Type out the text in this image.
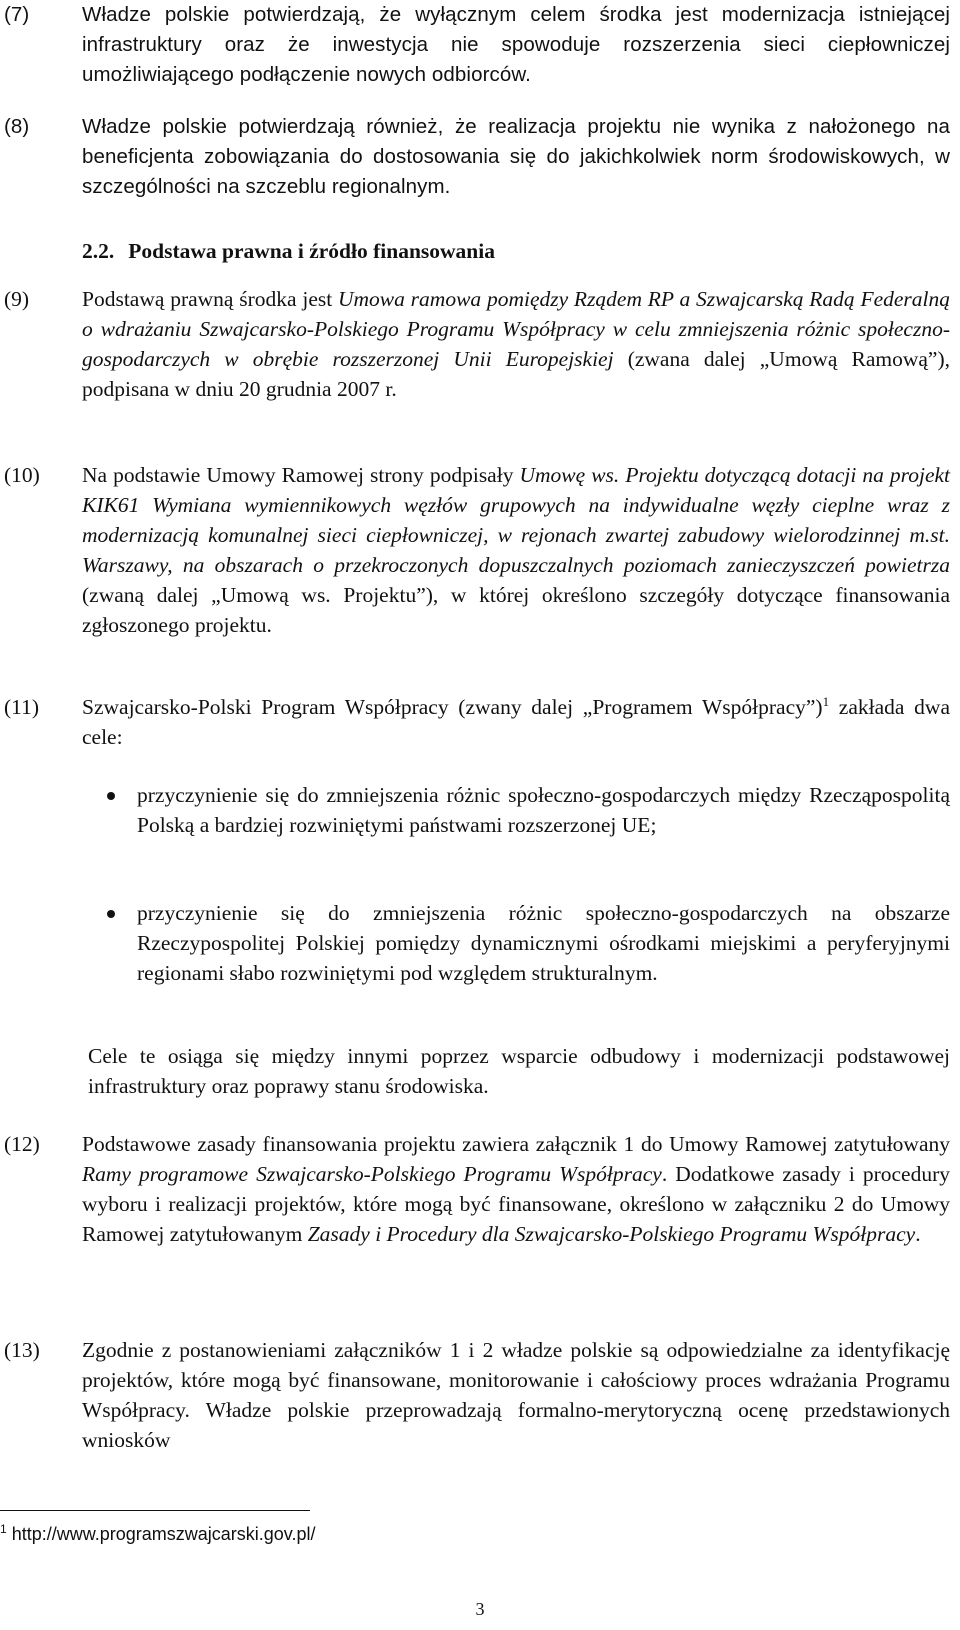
(7)	Władze polskie potwierdzają, że wyłącznym celem środka jest modernizacja istniejącej infrastruktury oraz że inwestycja nie spowoduje rozszerzenia sieci ciepłowniczej umożliwiającego podłączenie nowych odbiorców.
(8)	Władze polskie potwierdzają również, że realizacja projektu nie wynika z nałożonego na beneficjenta zobowiązania do dostosowania się do jakichkolwiek norm środowiskowych, w szczególności na szczeblu regionalnym.
2.2. Podstawa prawna i źródło finansowania
(9) Podstawą prawną środka jest Umowa ramowa pomiędzy Rządem RP a Szwajcarską Radą Federalną o wdrażaniu Szwajcarsko-Polskiego Programu Współpracy w celu zmniejszenia różnic społeczno-gospodarczych w obrębie rozszerzonej Unii Europejskiej (zwana dalej „Umową Ramową”), podpisana w dniu 20 grudnia 2007 r.
(10) Na podstawie Umowy Ramowej strony podpisały Umowę ws. Projektu dotyczącą dotacji na projekt KIK61 Wymiana wymiennikowych węzłów grupowych na indywidualne węzły cieplne wraz z modernizacją komunalnej sieci ciepłowniczej, w rejonach zwartej zabudowy wielorodzinnej m.st. Warszawy, na obszarach o przekroczonych dopuszczalnych poziomach zanieczyszczeń powietrza (zwaną dalej „Umową ws. Projektu”), w której określono szczegóły dotyczące finansowania zgłoszonego projektu.
(11) Szwajcarsko-Polski Program Współpracy (zwany dalej „Programem Współpracy”)$^1$ zakłada dwa cele:
przyczynienie się do zmniejszenia różnic społeczno-gospodarczych między Rzecząpospolitą Polską a bardziej rozwiniętymi państwami rozszerzonej UE;
przyczynienie się do zmniejszenia różnic społeczno-gospodarczych na obszarze Rzeczypospolitej Polskiej pomiędzy dynamicznymi ośrodkami miejskimi a peryferyjnymi regionami słabo rozwiniętymi pod względem strukturalnym.
Cele te osiąga się między innymi poprzez wsparcie odbudowy i modernizacji podstawowej infrastruktury oraz poprawy stanu środowiska.
(12) Podstawowe zasady finansowania projektu zawiera załącznik 1 do Umowy Ramowej zatytułowany Ramy programowe Szwajcarsko-Polskiego Programu Współpracy. Dodatkowe zasady i procedury wyboru i realizacji projektów, które mogą być finansowane, określono w załączniku 2 do Umowy Ramowej zatytułowanym Zasady i Procedury dla Szwajcarsko-Polskiego Programu Współpracy.
(13) Zgodnie z postanowieniami załączników 1 i 2 władze polskie są odpowiedzialne za identyfikację projektów, które mogą być finansowane, monitorowanie i całościowy proces wdrażania Programu Współpracy. Władze polskie przeprowadzają formalno-merytoryczną ocenę przedstawionych wniosków
$^1$ http://www.programszwajcarski.gov.pl/
3
